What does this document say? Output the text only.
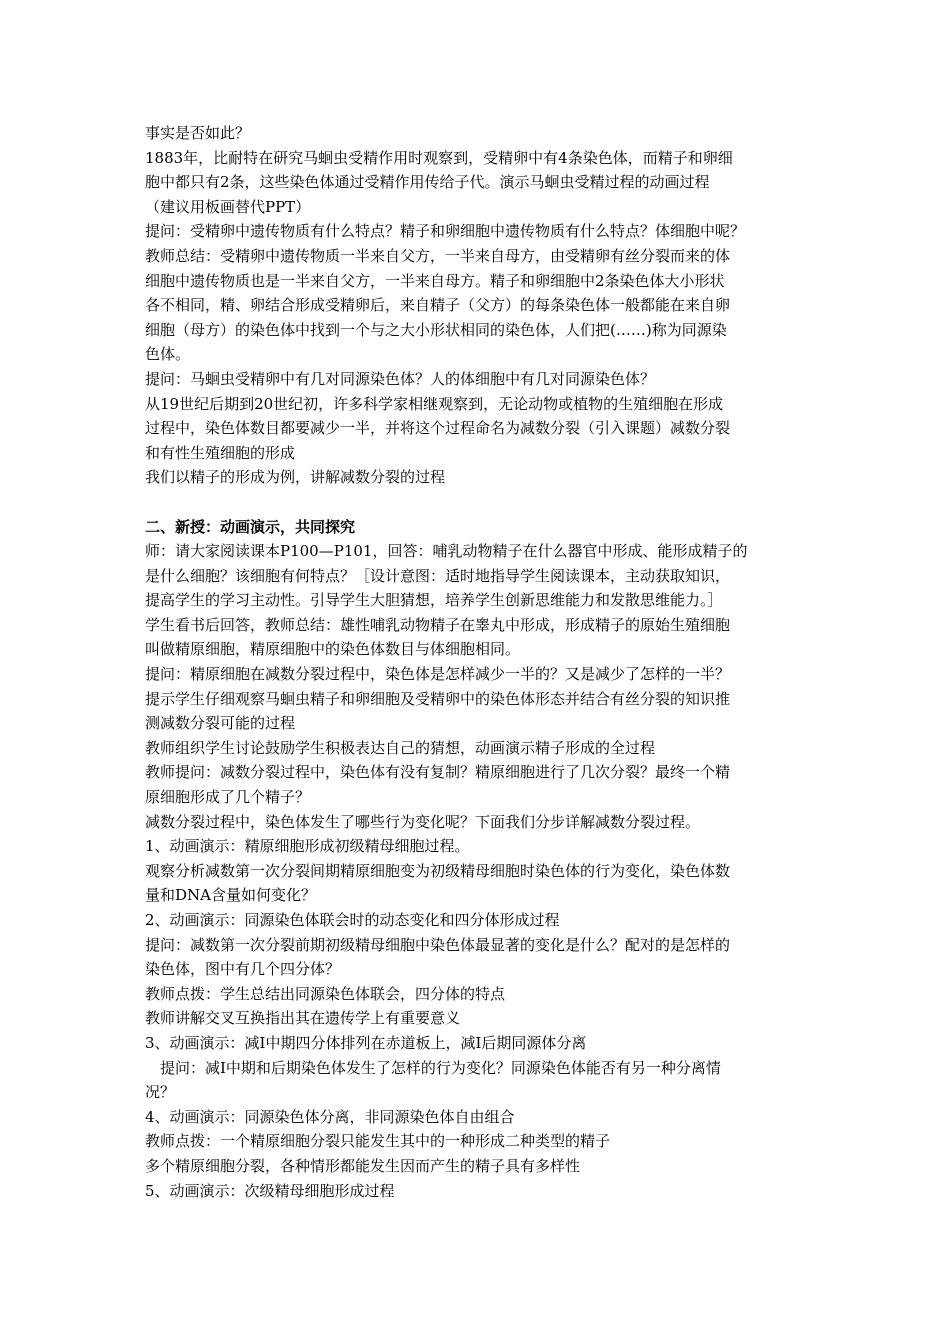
事实是否如此？
1883年，比耐特在研究马蛔虫受精作用时观察到，受精卵中有4条染色体，而精子和卵细
胞中都只有2条，这些染色体通过受精作用传给子代。演示马蛔虫受精过程的动画过程
（建议用板画替代PPT）
提问：受精卵中遗传物质有什么特点？精子和卵细胞中遗传物质有什么特点？体细胞中呢？
教师总结：受精卵中遗传物质一半来自父方，一半来自母方，由受精卵有丝分裂而来的体
细胞中遗传物质也是一半来自父方，一半来自母方。精子和卵细胞中2条染色体大小形状
各不相同，精、卵结合形成受精卵后，来自精子（父方）的每条染色体一般都能在来自卵
细胞（母方）的染色体中找到一个与之大小形状相同的染色体，人们把(……)称为同源染
色体。
提问：马蛔虫受精卵中有几对同源染色体？人的体细胞中有几对同源染色体？
从19世纪后期到20世纪初，许多科学家相继观察到，无论动物或植物的生殖细胞在形成
过程中，染色体数目都要减少一半，并将这个过程命名为减数分裂（引入课题）减数分裂
和有性生殖细胞的形成
我们以精子的形成为例，讲解减数分裂的过程
二、新授：动画演示，共同探究
师：请大家阅读课本P100—P101，回答：哺乳动物精子在什么器官中形成、能形成精子的
是什么细胞？该细胞有何特点？［设计意图：适时地指导学生阅读课本，主动获取知识，
提高学生的学习主动性。引导学生大胆猜想，培养学生创新思维能力和发散思维能力。］
学生看书后回答，教师总结：雄性哺乳动物精子在睾丸中形成，形成精子的原始生殖细胞
叫做精原细胞，精原细胞中的染色体数目与体细胞相同。
提问：精原细胞在减数分裂过程中，染色体是怎样减少一半的？又是减少了怎样的一半？
提示学生仔细观察马蛔虫精子和卵细胞及受精卵中的染色体形态并结合有丝分裂的知识推
测减数分裂可能的过程
教师组织学生讨论鼓励学生积极表达自己的猜想，动画演示精子形成的全过程
教师提问：减数分裂过程中，染色体有没有复制？精原细胞进行了几次分裂？最终一个精
原细胞形成了几个精子？
减数分裂过程中，染色体发生了哪些行为变化呢？下面我们分步详解减数分裂过程。
1、动画演示：精原细胞形成初级精母细胞过程。
观察分析减数第一次分裂间期精原细胞变为初级精母细胞时染色体的行为变化，染色体数
量和DNA含量如何变化？
2、动画演示：同源染色体联会时的动态变化和四分体形成过程
提问：减数第一次分裂前期初级精母细胞中染色体最显著的变化是什么？配对的是怎样的
染色体，图中有几个四分体？
教师点拨：学生总结出同源染色体联会，四分体的特点
教师讲解交叉互换指出其在遗传学上有重要意义
3、动画演示：减Ⅰ中期四分体排列在赤道板上，减Ⅰ后期同源体分离
提问：减Ⅰ中期和后期染色体发生了怎样的行为变化？同源染色体能否有另一种分离情
况？
4、动画演示：同源染色体分离，非同源染色体自由组合
教师点拨：一个精原细胞分裂只能发生其中的一种形成二种类型的精子
多个精原细胞分裂，各种情形都能发生因而产生的精子具有多样性
5、动画演示：次级精母细胞形成过程
